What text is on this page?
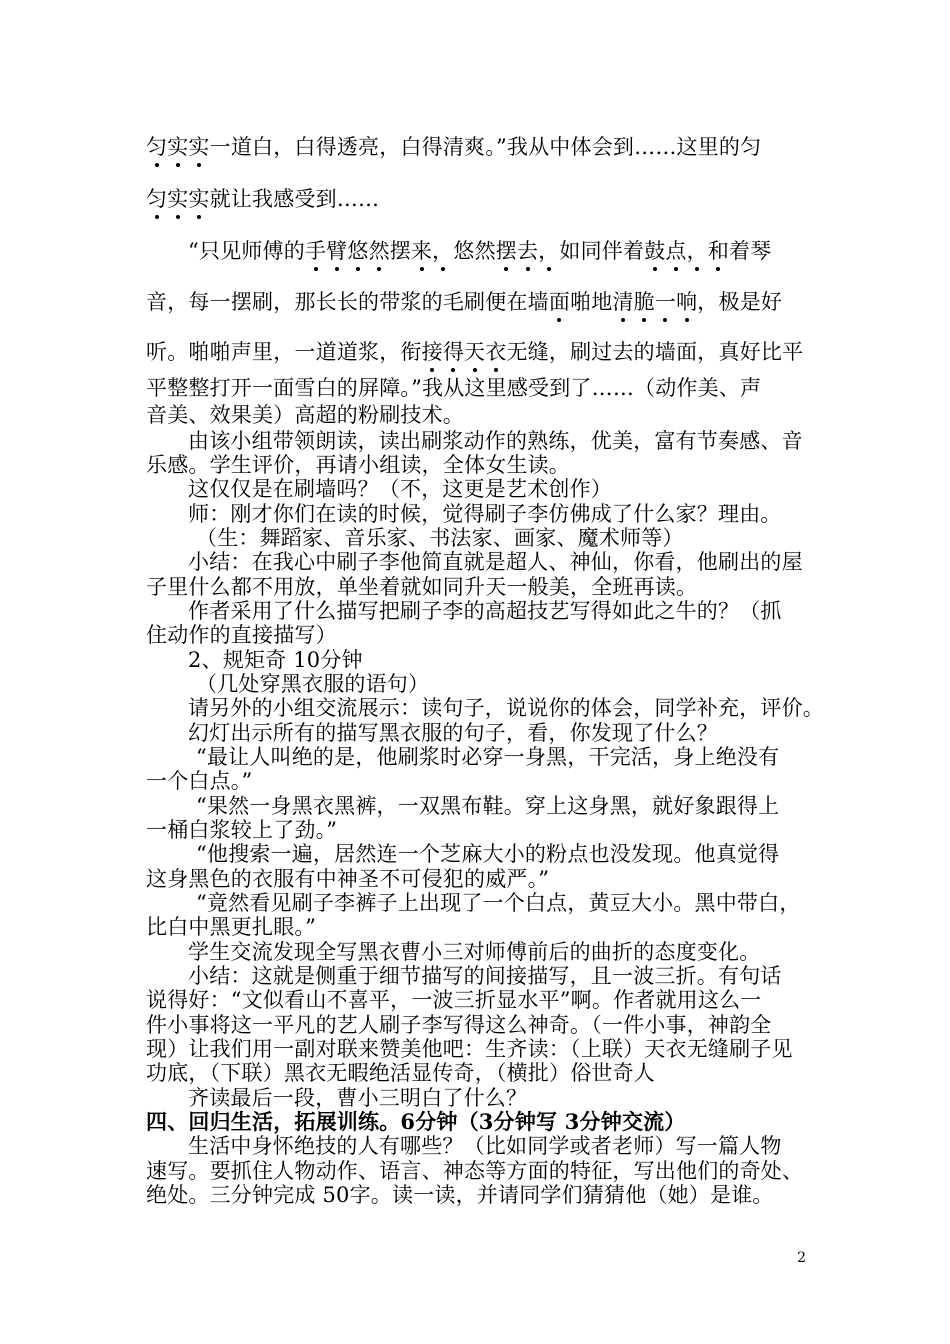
匀实实一道白，白得透亮，白得清爽。”我从中体会到……这里的匀
匀实实就让我感受到……
“只见师傅的手臂悠然摆来，悠然摆去，如同伴着鼓点，和着琴
音，每一摆刷，那长长的带浆的毛刷便在墙面啪地清脆一响，极是好
听。啪啪声里，一道道浆，衔接得天衣无缝，刷过去的墙面，真好比平
平整整打开一面雪白的屏障。”我从这里感受到了……（动作美、声
音美、效果美）高超的粉刷技术。
由该小组带领朗读，读出刷浆动作的熟练，优美，富有节奏感、音
乐感。学生评价，再请小组读，全体女生读。
这仅仅是在刷墙吗？（不，这更是艺术创作）
师：刚才你们在读的时候，觉得刷子李仿佛成了什么家？理由。
（生：舞蹈家、音乐家、书法家、画家、魔术师等）
小结：在我心中刷子李他简直就是超人、神仙，你看，他刷出的屋
子里什么都不用放，单坐着就如同升天一般美，全班再读。
作者采用了什么描写把刷子李的高超技艺写得如此之牛的？（抓
住动作的直接描写）
2、规矩奇 10分钟
（几处穿黑衣服的语句）
请另外的小组交流展示：读句子，说说你的体会，同学补充，评价。
幻灯出示所有的描写黑衣服的句子，看，你发现了什么？
“最让人叫绝的是，他刷浆时必穿一身黑，干完活，身上绝没有
一个白点。”
“果然一身黑衣黑裤，一双黑布鞋。穿上这身黑，就好象跟得上
一桶白浆较上了劲。”
“他搜索一遍，居然连一个芝麻大小的粉点也没发现。他真觉得
这身黑色的衣服有中神圣不可侵犯的威严。”
“竟然看见刷子李裤子上出现了一个白点，黄豆大小。黑中带白，
比白中黑更扎眼。”
学生交流发现全写黑衣曹小三对师傅前后的曲折的态度变化。
小结：这就是侧重于细节描写的间接描写，且一波三折。有句话
说得好：“文似看山不喜平，一波三折显水平”啊。作者就用这么一
件小事将这一平凡的艺人刷子李写得这么神奇。（一件小事，神韵全
现）让我们用一副对联来赞美他吧：生齐读：（上联）天衣无缝刷子见
功底，（下联）黑衣无暇绝活显传奇，（横批）俗世奇人
齐读最后一段，曹小三明白了什么？
四、回归生活，拓展训练。6分钟（3分钟写 3分钟交流）
生活中身怀绝技的人有哪些？（比如同学或者老师）写一篇人物
速写。要抓住人物动作、语言、神态等方面的特征，写出他们的奇处、
绝处。三分钟完成 50字。读一读，并请同学们猜猜他（她）是谁。
2
